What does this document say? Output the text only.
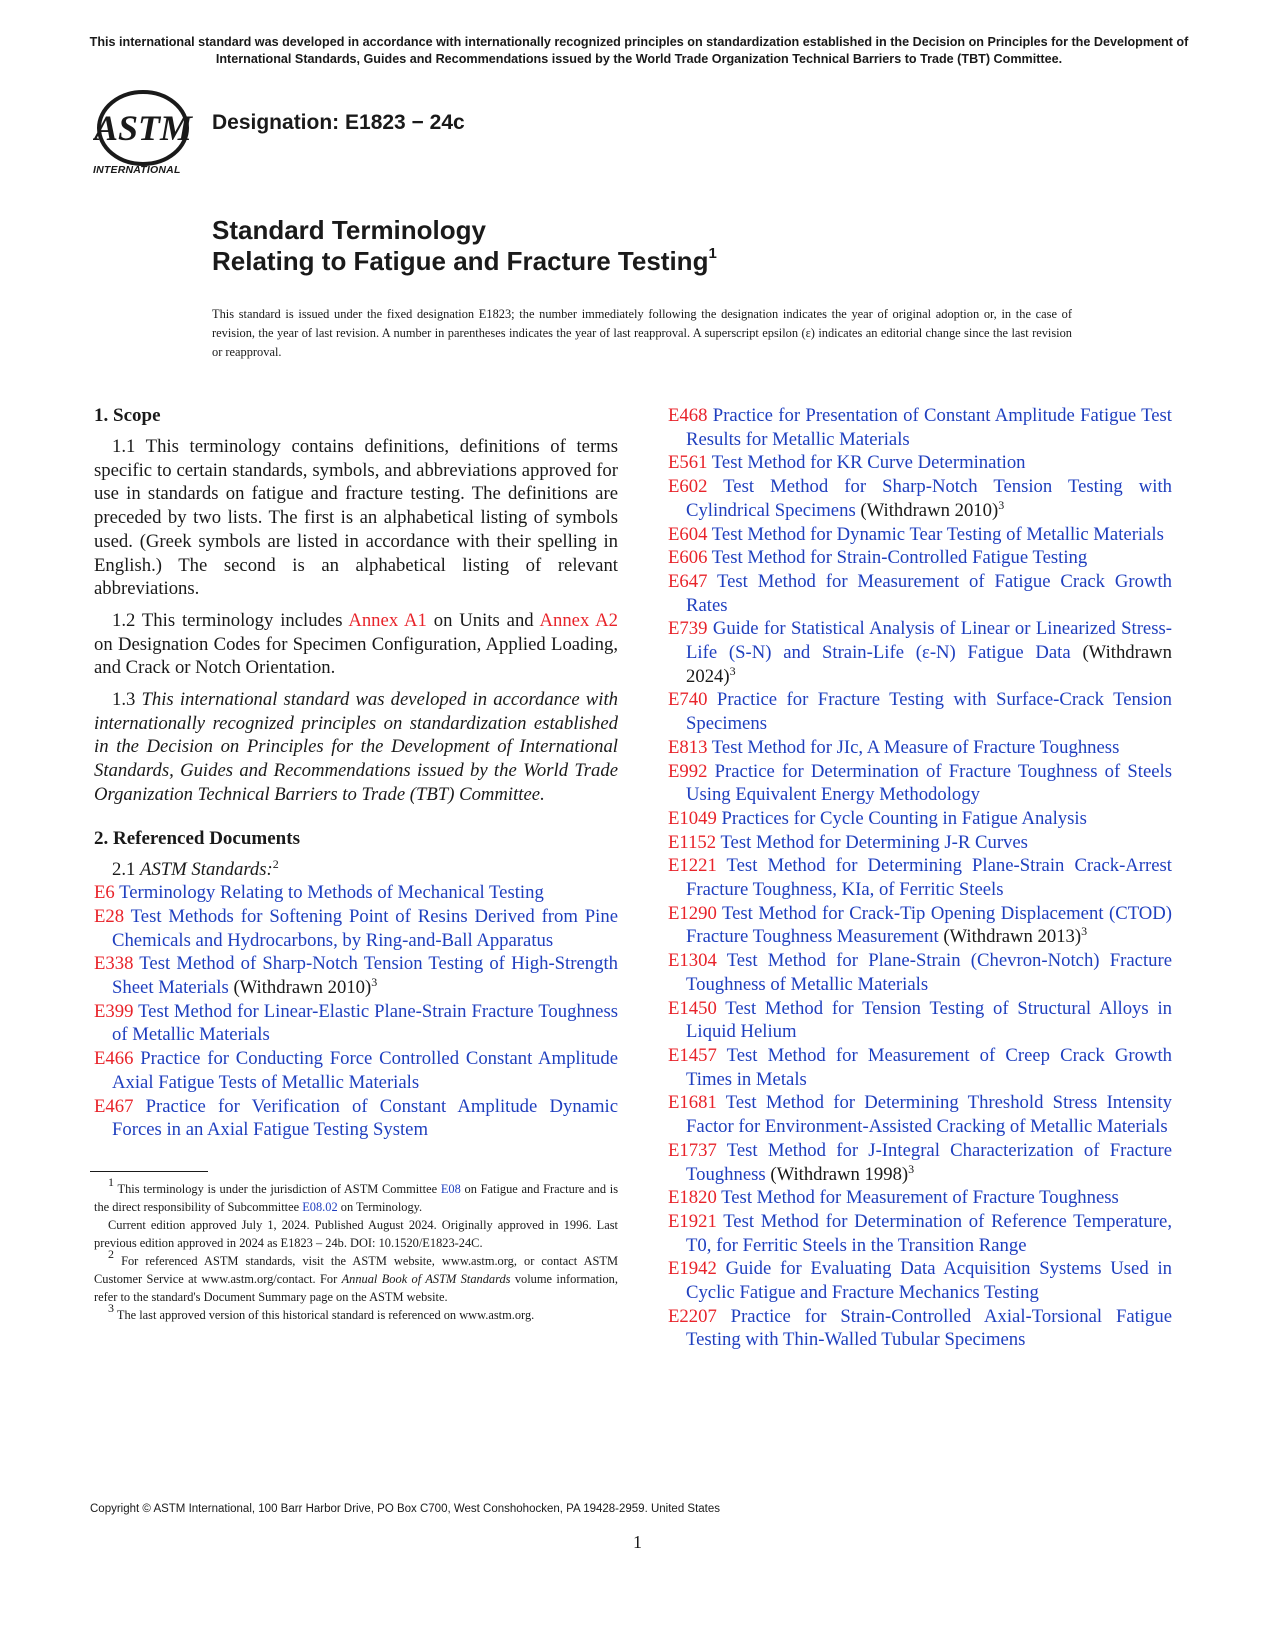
This international standard was developed in accordance with internationally recognized principles on standardization established in the Decision on Principles for the Development of International Standards, Guides and Recommendations issued by the World Trade Organization Technical Barriers to Trade (TBT) Committee.
ASTM
INTERNATIONAL
Designation: E1823 − 24c
Standard Terminology
Relating to Fatigue and Fracture Testing$^1$
This standard is issued under the fixed designation E1823; the number immediately following the designation indicates the year of original adoption or, in the case of revision, the year of last revision. A number in parentheses indicates the year of last reapproval. A superscript epsilon (ε) indicates an editorial change since the last revision or reapproval.
1. Scope

1.1 This terminology contains definitions, definitions of terms specific to certain standards, symbols, and abbreviations approved for use in standards on fatigue and fracture testing. The definitions are preceded by two lists. The first is an alphabetical listing of symbols used. (Greek symbols are listed in accordance with their spelling in English.) The second is an alphabetical listing of relevant abbreviations.

1.2 This terminology includes Annex A1 on Units and Annex A2 on Designation Codes for Specimen Configuration, Applied Loading, and Crack or Notch Orientation.

1.3 This international standard was developed in accordance with internationally recognized principles on standardization established in the Decision on Principles for the Development of International Standards, Guides and Recommendations issued by the World Trade Organization Technical Barriers to Trade (TBT) Committee.

2. Referenced Documents

2.1 ASTM Standards:$^2$

E6 Terminology Relating to Methods of Mechanical Testing

E28 Test Methods for Softening Point of Resins Derived from Pine Chemicals and Hydrocarbons, by Ring-and-Ball Apparatus

E338 Test Method of Sharp-Notch Tension Testing of High-Strength Sheet Materials (Withdrawn 2010)$^3$

E399 Test Method for Linear-Elastic Plane-Strain Fracture Toughness of Metallic Materials

E466 Practice for Conducting Force Controlled Constant Amplitude Axial Fatigue Tests of Metallic Materials

E467 Practice for Verification of Constant Amplitude Dynamic Forces in an Axial Fatigue Testing System

E468 Practice for Presentation of Constant Amplitude Fatigue Test Results for Metallic Materials

E561 Test Method for KR Curve Determination

E602 Test Method for Sharp-Notch Tension Testing with Cylindrical Specimens (Withdrawn 2010)$^3$

E604 Test Method for Dynamic Tear Testing of Metallic Materials

E606 Test Method for Strain-Controlled Fatigue Testing

E647 Test Method for Measurement of Fatigue Crack Growth Rates

E739 Guide for Statistical Analysis of Linear or Linearized Stress-Life (S-N) and Strain-Life (ε-N) Fatigue Data (Withdrawn 2024)$^3$

E740 Practice for Fracture Testing with Surface-Crack Tension Specimens

E813 Test Method for JIc, A Measure of Fracture Toughness

E992 Practice for Determination of Fracture Toughness of Steels Using Equivalent Energy Methodology

E1049 Practices for Cycle Counting in Fatigue Analysis

E1152 Test Method for Determining J-R Curves

E1221 Test Method for Determining Plane-Strain Crack-Arrest Fracture Toughness, KIa, of Ferritic Steels

E1290 Test Method for Crack-Tip Opening Displacement (CTOD) Fracture Toughness Measurement (Withdrawn 2013)$^3$

E1304 Test Method for Plane-Strain (Chevron-Notch) Fracture Toughness of Metallic Materials

E1450 Test Method for Tension Testing of Structural Alloys in Liquid Helium

E1457 Test Method for Measurement of Creep Crack Growth Times in Metals

E1681 Test Method for Determining Threshold Stress Intensity Factor for Environment-Assisted Cracking of Metallic Materials

E1737 Test Method for J-Integral Characterization of Fracture Toughness (Withdrawn 1998)$^3$

E1820 Test Method for Measurement of Fracture Toughness

E1921 Test Method for Determination of Reference Temperature, T0, for Ferritic Steels in the Transition Range

E1942 Guide for Evaluating Data Acquisition Systems Used in Cyclic Fatigue and Fracture Mechanics Testing

E2207 Practice for Strain-Controlled Axial-Torsional Fatigue Testing with Thin-Walled Tubular Specimens

$^1$ This terminology is under the jurisdiction of ASTM Committee E08 on Fatigue and Fracture and is the direct responsibility of Subcommittee E08.02 on Terminology.

Current edition approved July 1, 2024. Published August 2024. Originally approved in 1996. Last previous edition approved in 2024 as E1823 – 24b. DOI: 10.1520/E1823-24C.

$^2$ For referenced ASTM standards, visit the ASTM website, www.astm.org, or contact ASTM Customer Service at www.astm.org/contact. For Annual Book of ASTM Standards volume information, refer to the standard's Document Summary page on the ASTM website.

$^3$ The last approved version of this historical standard is referenced on www.astm.org.

Copyright © ASTM International, 100 Barr Harbor Drive, PO Box C700, West Conshohocken, PA 19428-2959. United States
1
